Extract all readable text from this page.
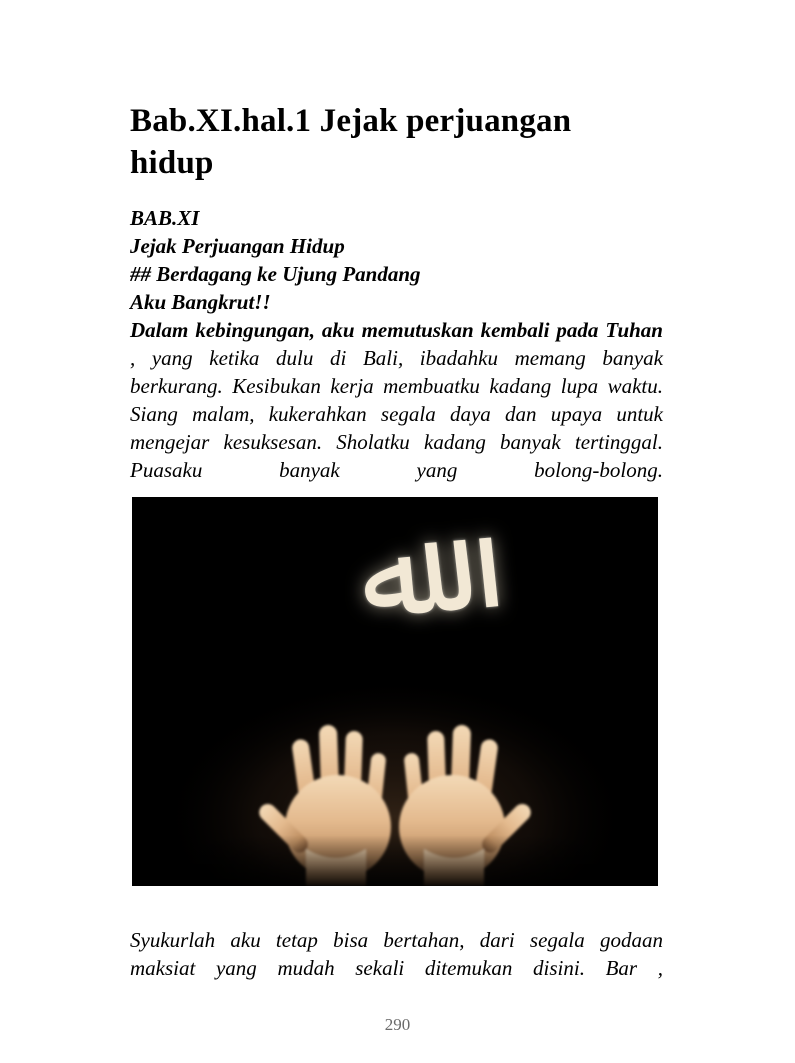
Bab.XI.hal.1 Jejak perjuangan hidup
BAB.XI
Jejak Perjuangan Hidup
## Berdagang ke Ujung Pandang
Aku Bangkrut!!

Dalam kebingungan, aku memutuskan kembali pada Tuhan , yang ketika dulu di Bali, ibadahku memang banyak berkurang. Kesibukan kerja membuatku kadang lupa waktu. Siang malam, kukerahkan segala daya dan upaya untuk mengejar kesuksesan. Sholatku kadang banyak tertinggal. Puasaku banyak yang bolong-bolong.

ﷲ

Syukurlah aku tetap bisa bertahan, dari segala godaan maksiat yang mudah sekali ditemukan disini. Bar ,

290
